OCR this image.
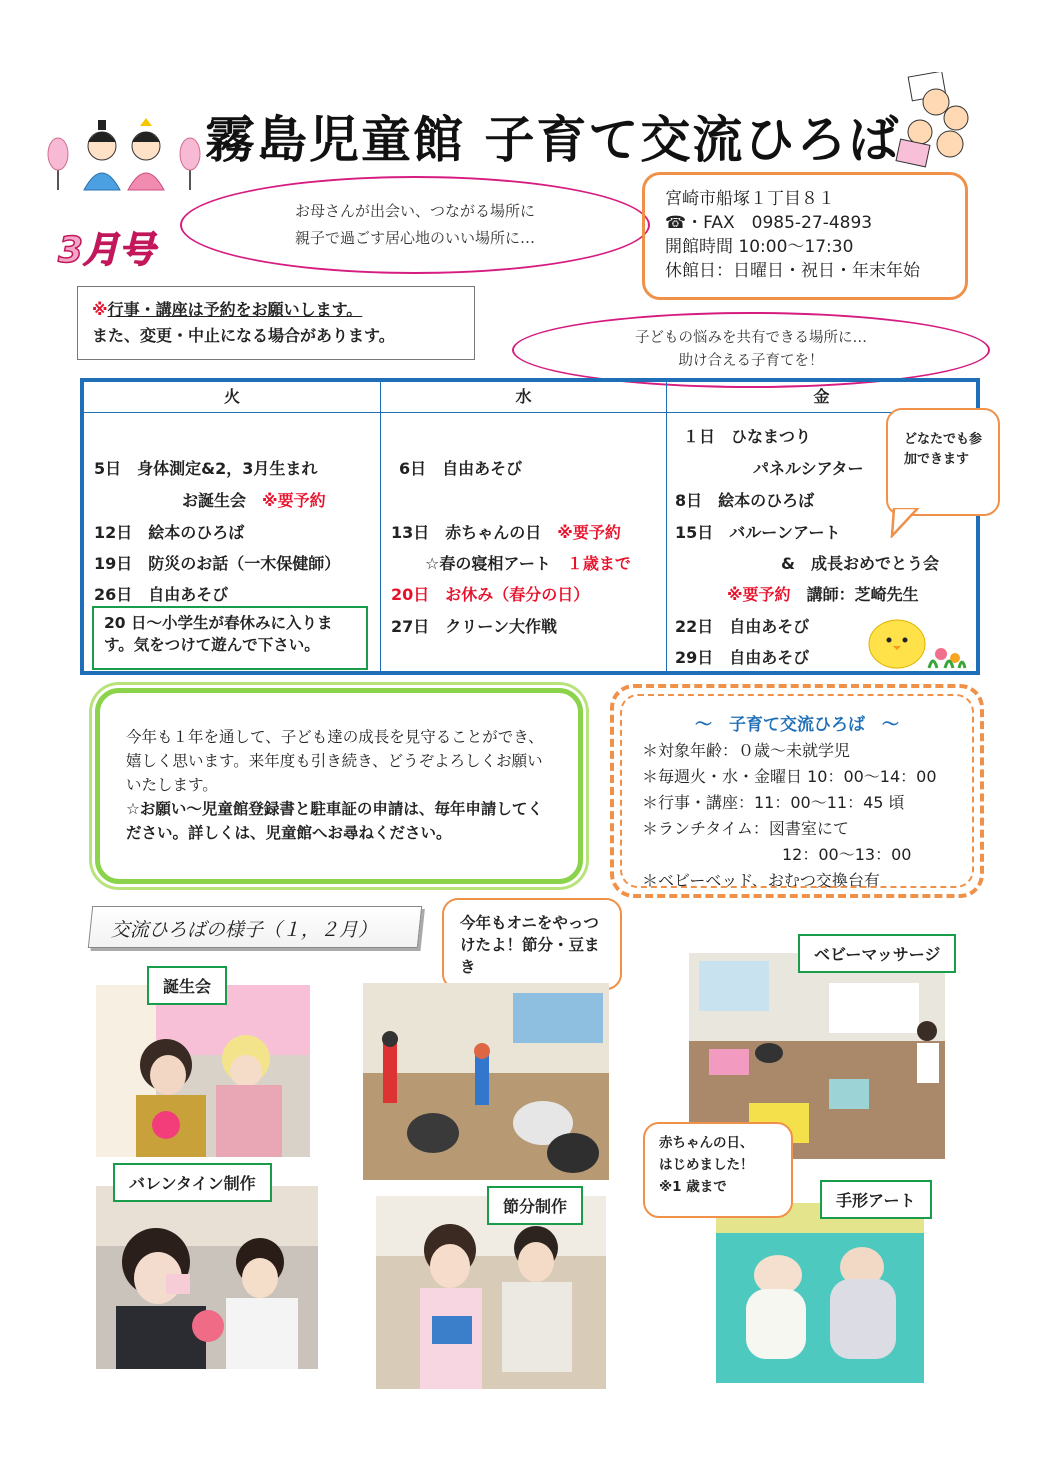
霧島児童館 子育て交流ひろば
3月号
お母さんが出会い、つながる場所に
親子で過ごす居心地のいい場所に…
宮崎市船塚１丁目８１
☎・FAX　0985-27-4893
開館時間 10:00～17:30
休館日：日曜日・祝日・年末年始
※行事・講座は予約をお願いします。
また、変更・中止になる場合があります。	子どもの悩みを共有できる場所に…
助け合える子育てを！
火
5日　身体測定&2，3月生まれ
お誕生会　 ※要予約
12日　絵本のひろば
19日　防災のお話（一木保健師）
26日　自由あそび
20 日～小学生が春休みに入ります。気をつけて遊んで下さい。
水
6日　自由あそび
13日　赤ちゃんの日　 ※要予約
☆春の寝相アート　 １歳まで
20日　お休み（春分の日）
27日　クリーン大作戦
金
１日　ひなまつり
パネルシアター
8日　絵本のひろば
15日　バルーンアート
&　成長おめでとう会
※要予約　 講師：芝崎先生
22日　自由あそび
29日　自由あそび
どなたでも参加できます
今年も１年を通して、子ども達の成長を見守ることができ、嬉しく思います。来年度も引き続き、どうぞよろしくお願いいたします。
☆お願い～児童館登録書と駐車証の申請は、毎年申請してください。詳しくは、児童館へお尋ねください。
～　子育て交流ひろば　～
＊対象年齢：０歳～未就学児
＊毎週火・水・金曜日 10：00～14：00
＊行事・講座：11：00～11：45 頃
＊ランチタイム：図書室にて
12：00～13：00
＊ベビーベッド、おむつ交換台有
交流ひろばの様子（１，２月）	今年もオニをやっつけたよ！節分・豆まき
赤ちゃんの日、
はじめました！
※1 歳まで
誕生会
バレンタイン制作
節分制作
ベビーマッサージ
手形アート
